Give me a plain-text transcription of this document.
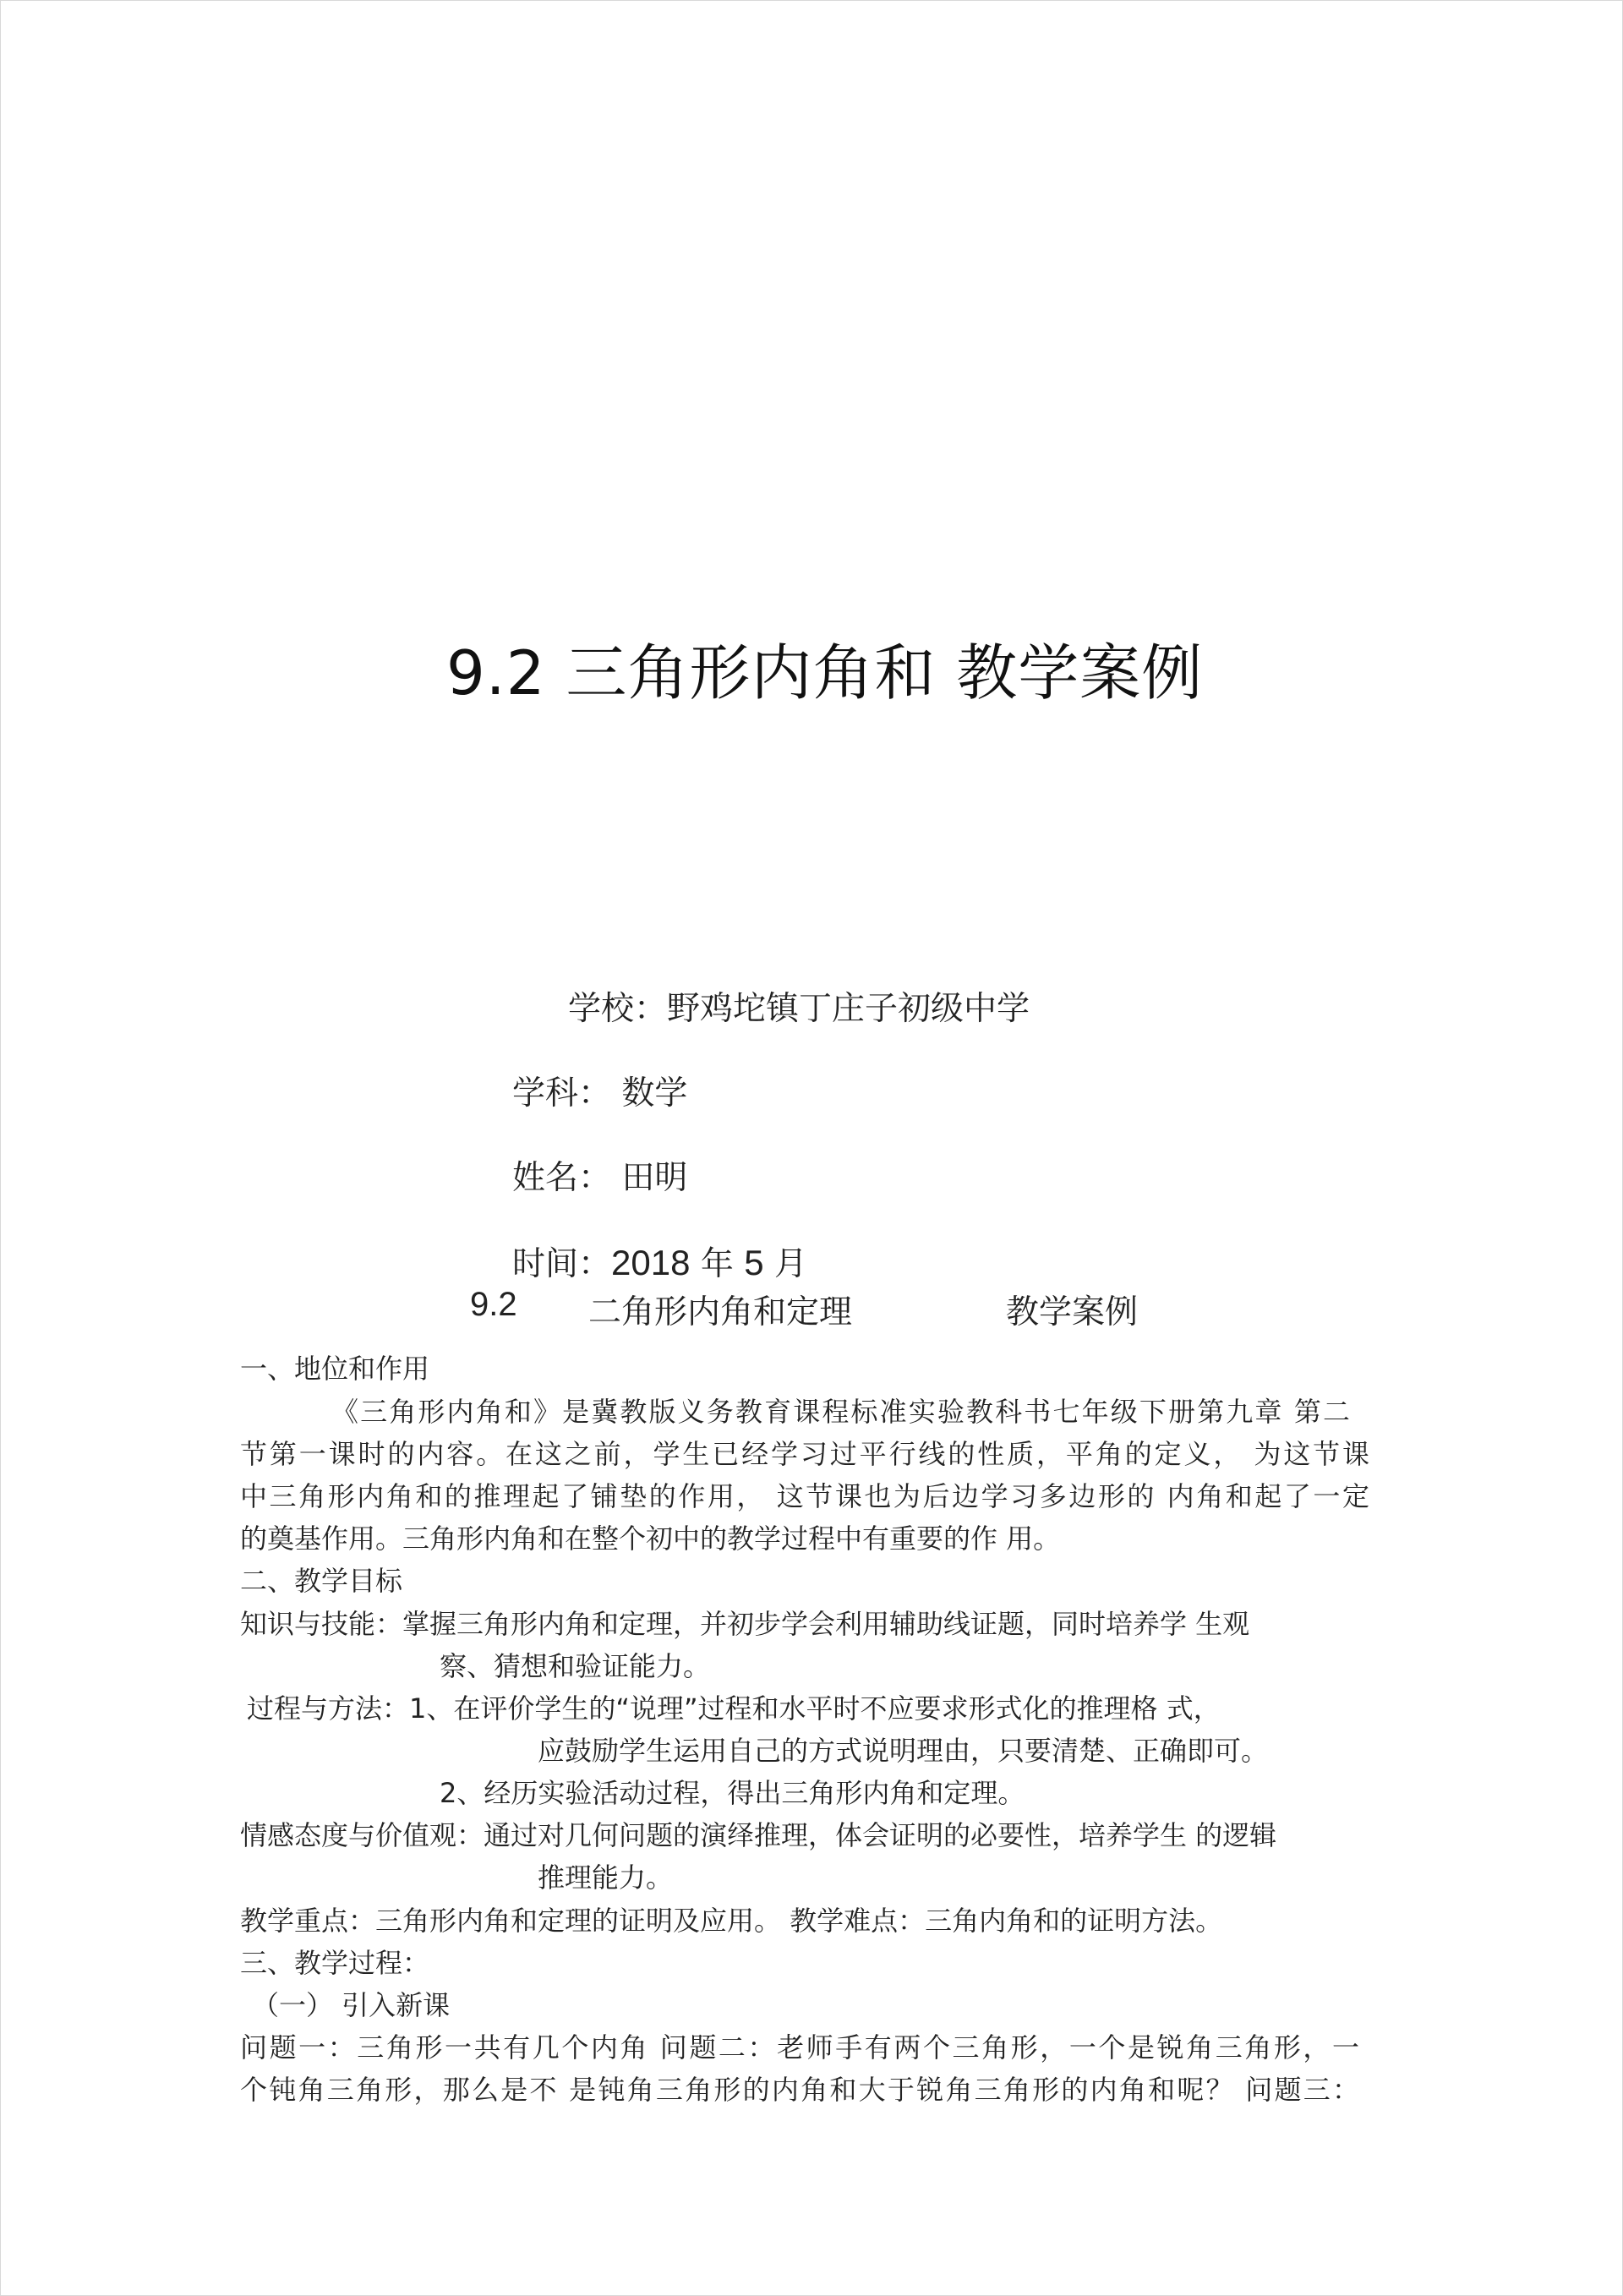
9.2 三角形内角和 教学案例
学校：野鸡坨镇丁庄子初级中学
学科： 数学
姓名： 田明
时间：2018 年 5 月
9.2 二角形内角和定理	教学案例
一、地位和作用
《三角形内角和》是冀教版义务教育课程标准实验教科书七年级下册第九章 第二
节第一课时的内容。在这之前，学生已经学习过平行线的性质，平角的定义， 为这节课
中三角形内角和的推理起了铺垫的作用， 这节课也为后边学习多边形的 内角和起了一定
的奠基作用。三角形内角和在整个初中的教学过程中有重要的作 用。
二、教学目标
知识与技能：掌握三角形内角和定理，并初步学会利用辅助线证题，同时培养学 生观
察、猜想和验证能力。
过程与方法：1、在评价学生的“说理”过程和水平时不应要求形式化的推理格 式，
应鼓励学生运用自己的方式说明理由，只要清楚、正确即可。
2、经历实验活动过程，得出三角形内角和定理。
情感态度与价值观：通过对几何问题的演绎推理，体会证明的必要性，培养学生 的逻辑
推理能力。
教学重点：三角形内角和定理的证明及应用。 教学难点：三角内角和的证明方法。
三、教学过程：
（一） 引入新课
问题一：三角形一共有几个内角 问题二：老师手有两个三角形，一个是锐角三角形，一
个钝角三角形，那么是不 是钝角三角形的内角和大于锐角三角形的内角和呢？ 问题三：
